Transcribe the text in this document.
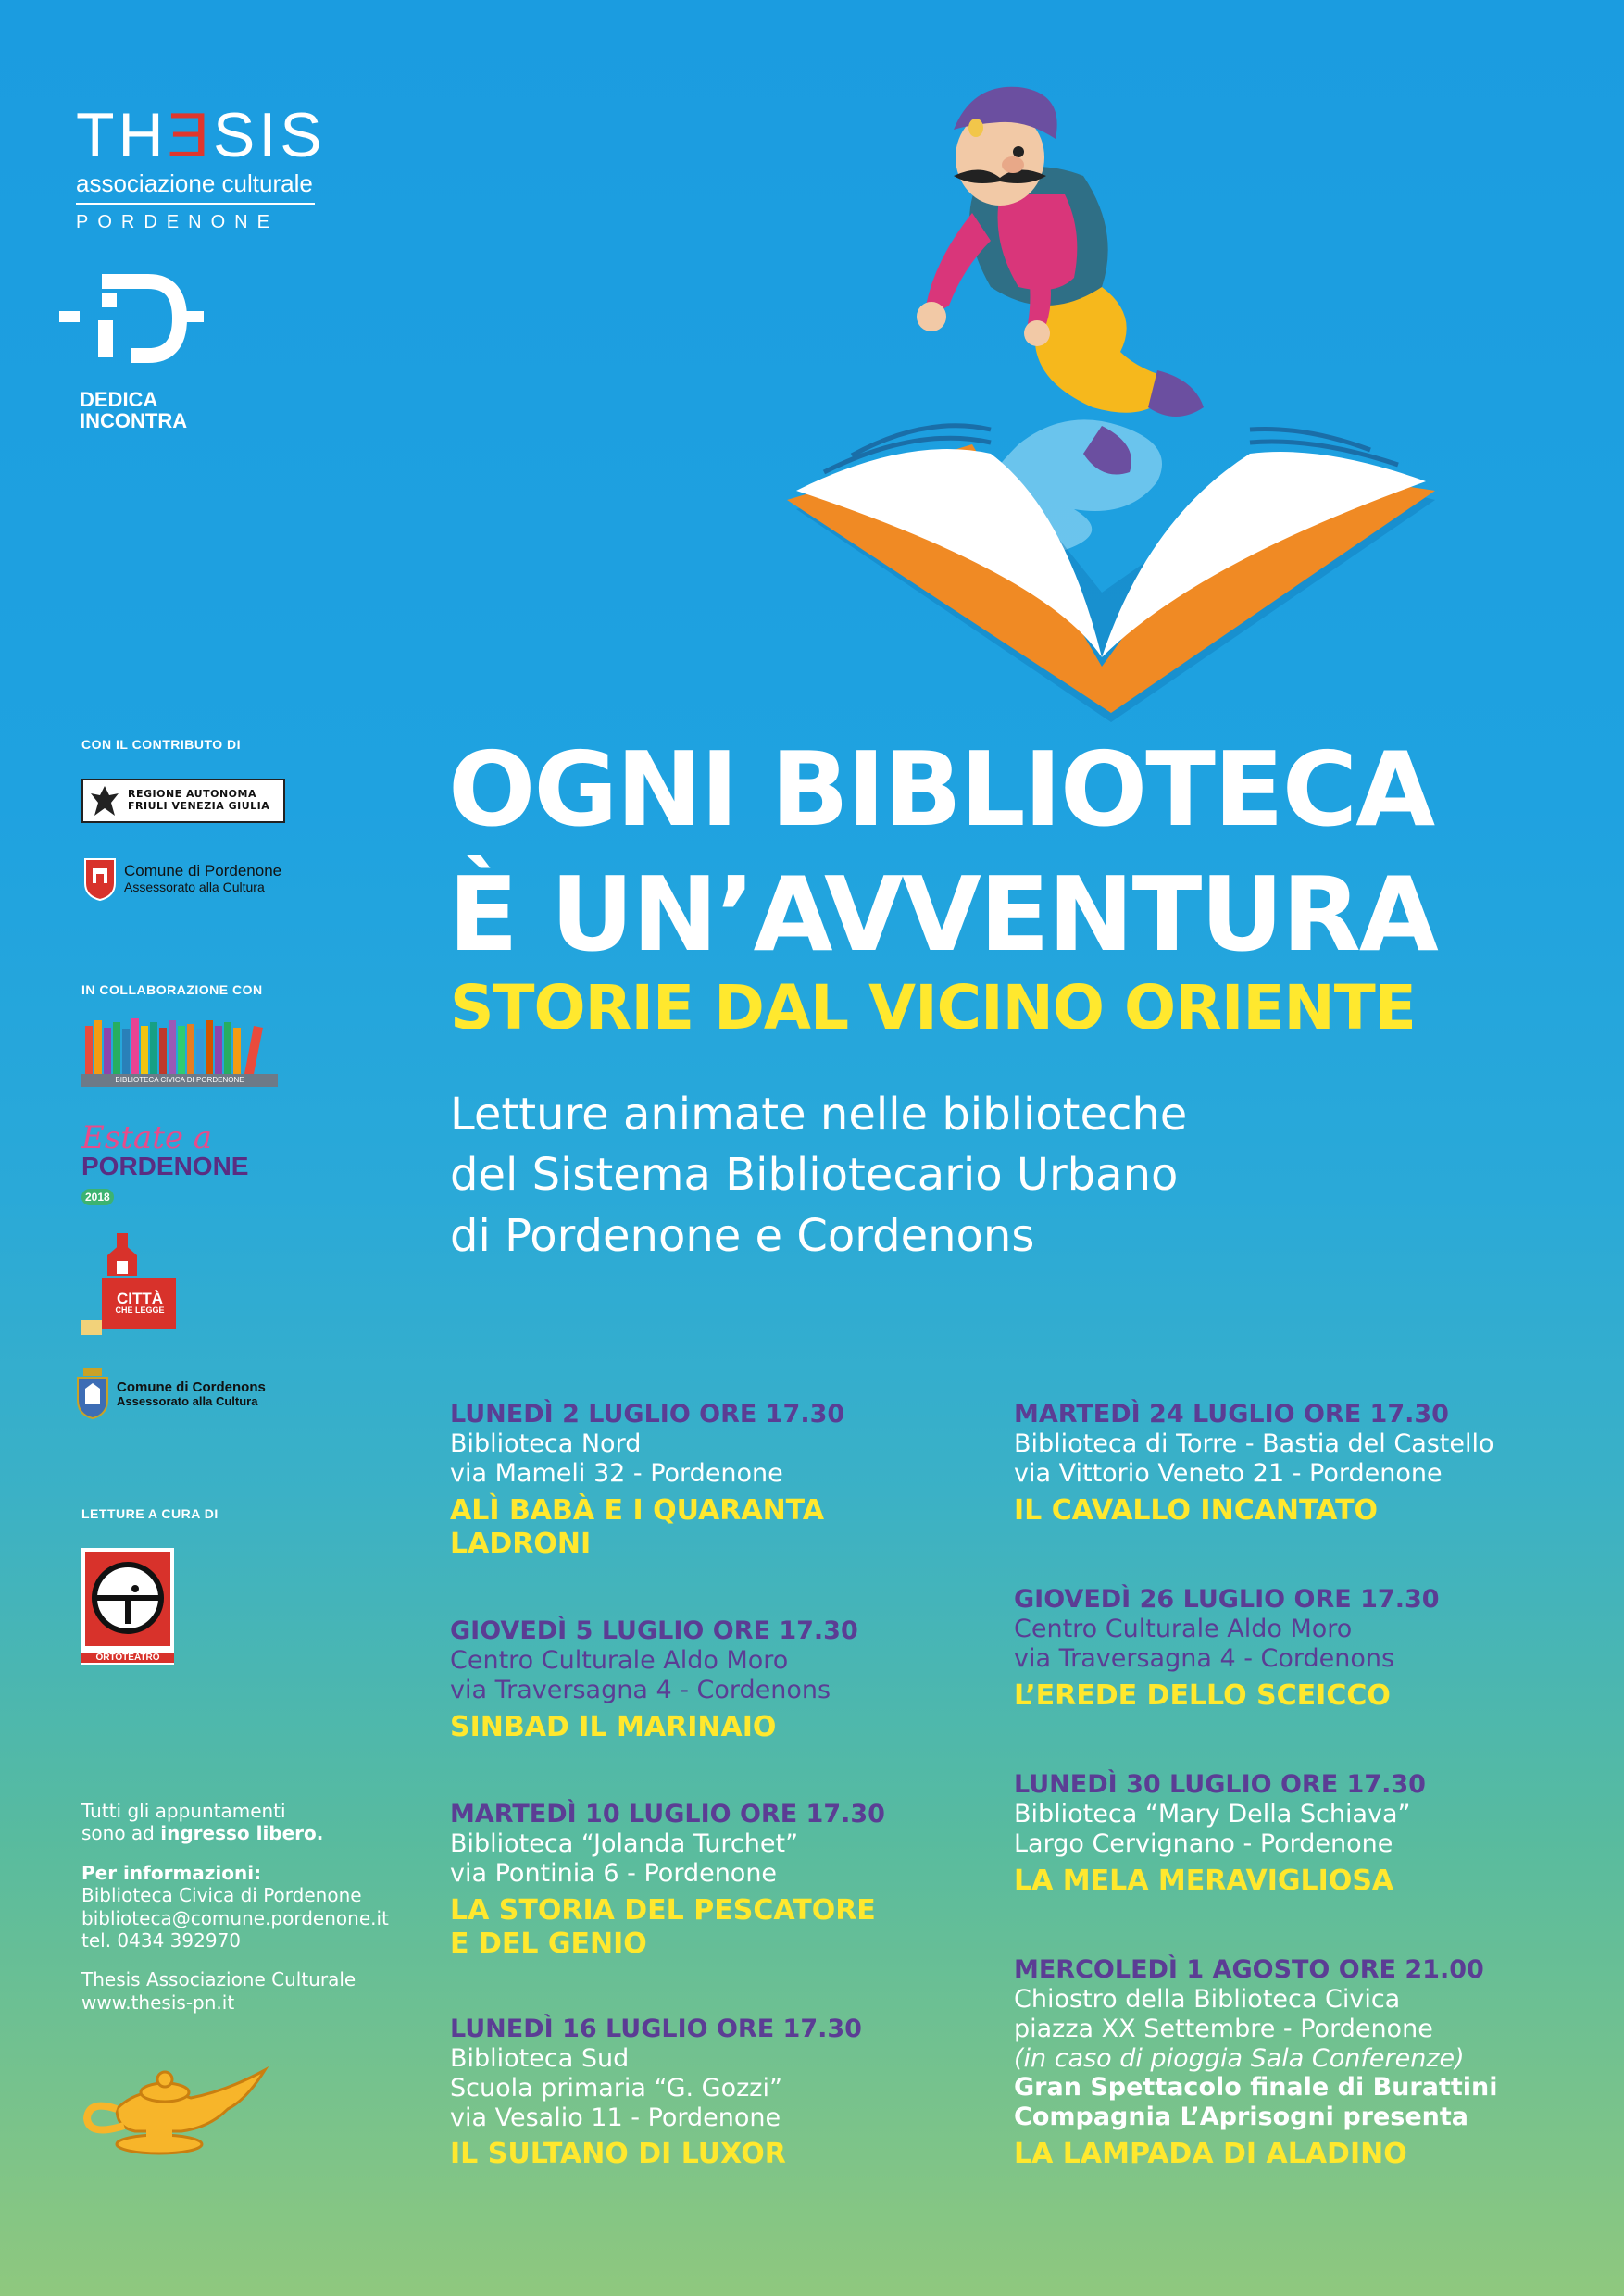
THƎSIS
associazione culturale
PORDENONE
DEDICA
INCONTRA
CON IL CONTRIBUTO DI
REGIONE AUTONOMA
FRIULI VENEZIA GIULIA
Comune di Pordenone
Assessorato alla Cultura
IN COLLABORAZIONE CON
BIBLIOTECA CIVICA DI PORDENONE
Estate a
PORDENONE 2018
CITTÀ
CHE LEGGE
Comune di Cordenons
Assessorato alla Cultura
LETTURE A CURA DI
ORTOTEATRO

Tutti gli appuntamenti
sono ad ingresso libero.

Per informazioni:
Biblioteca Civica di Pordenone
biblioteca@comune.pordenone.it
tel. 0434 392970

Thesis Associazione Culturale
www.thesis-pn.it

OGNI BIBLIOTECA
È UN’AVVENTURA
STORIE DAL VICINO ORIENTE
Letture animate nelle biblioteche
del Sistema Bibliotecario Urbano
di Pordenone e Cordenons
LUNEDÌ 2 LUGLIO ORE 17.30
Biblioteca Nord
via Mameli 32 - Pordenone
ALÌ BABÀ E I QUARANTA
LADRONI
GIOVEDÌ 5 LUGLIO ORE 17.30
Centro Culturale Aldo Moro
via Traversagna 4 - Cordenons
SINBAD IL MARINAIO
MARTEDÌ 10 LUGLIO ORE 17.30
Biblioteca “Jolanda Turchet”
via Pontinia 6 - Pordenone
LA STORIA DEL PESCATORE
E DEL GENIO
LUNEDÌ 16 LUGLIO ORE 17.30
Biblioteca Sud
Scuola primaria “G. Gozzi”
via Vesalio 11 - Pordenone
IL SULTANO DI LUXOR
MARTEDÌ 24 LUGLIO ORE 17.30
Biblioteca di Torre - Bastia del Castello
via Vittorio Veneto 21 - Pordenone
IL CAVALLO INCANTATO
GIOVEDÌ 26 LUGLIO ORE 17.30
Centro Culturale Aldo Moro
via Traversagna 4 - Cordenons
L’EREDE DELLO SCEICCO
LUNEDÌ 30 LUGLIO ORE 17.30
Biblioteca “Mary Della Schiava”
Largo Cervignano - Pordenone
LA MELA MERAVIGLIOSA
MERCOLEDÌ 1 AGOSTO ORE 21.00
Chiostro della Biblioteca Civica
piazza XX Settembre - Pordenone
(in caso di pioggia Sala Conferenze)
Gran Spettacolo finale di Burattini
Compagnia L’Aprisogni presenta
LA LAMPADA DI ALADINO
